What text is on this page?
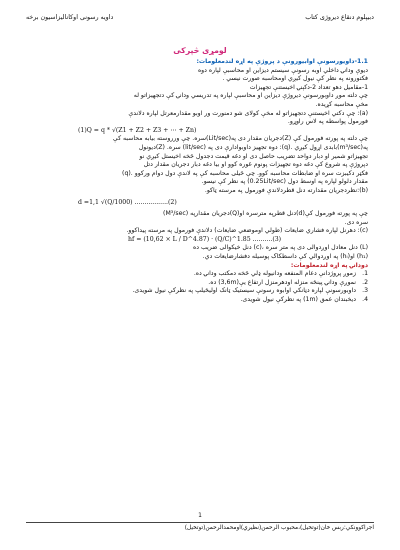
دبیپلوم دنقاع دیروژی کتاب
داویه رسونی اوکانالیزاسیون برخه
لومړی څپرکی

1.1-داویورسونې اوابیورونې د پروژې په اړه لندمعلومات:

دیوې ودانۍ داخلي اوبه رسونې سیستم دیزاین او محاسبې لپاره دوه

فکتورونه په نظر کې نیول کیږي اومحاسبه صورت نیسي .

1-مقامیل دهو تعداد 2-دکېنۍ اخیستنې تجهیزات

چې دلته موږ داوبورسونې دیروژې دیزاین او محاسبې لپاره په تدریسي ودانۍ کې دتجهیزاتو له

مخې محاسبه کړیده.

(a): چې دکتي اخیستنې دتجهیزاتو له مخې کولای شو دمنورت ور اوبو مقدارمعرتل لپاره دلاندې

فورمول پواسطه په لاس راوړو.

(1)Q = q * √(Z1 + Z2 + Z3 + ⋯ + Zn)

چې دلته په پورته فورمول کې (Z)دجریان مقدار دی په(Lit/sec)سره. چې ورروسته بیابه محاسبه کې

په(m³/sec)بابدی اړول کیږي .(q): دوه تجهیز داوبوادارې دی په (lit/sec) سره. (Z)دیونول

تجهیزاتو شمیر او دبار دواحد تضریب حاصل دی او دغه قیمت دجدول څخه اخیستل کیږي نو

دپروژې په شروع کې دغه دوه تجهیزات پونوم غوره کوو او بیا دغه دبار دجریان مقدار دتل

فکټر دکیبزت سره او ضابطات محاسبه کوو. چې څیلی محاسبه کې په لاندې دول دوام ورکوو .(q)

مقدار دلولو لپاره په اوسط دول (0.25Lit/sec) په نظر کې نیسو.

(b):نظردجریان مقدارته دنل قطردلاندې فورمول په مرسته ټاکو.

d =1,1 √(Q/1000) .................(2)

چې په پورته فورمول کې(d)دنل قطرپه مترسره او(Q)دجریان مقدارپه (M³/sec)

سره دی.

(c): دهرنل لپاره فشاري ضایعات (طولي اوموضعي ضایعات) دلاندې فورمول په مرسته پیداکوو.

hf = (10,62 × L / D^4.87) · (Q/C)^1.85 ..........(3)

(L) دنل معادل اوږدوالی دی په متر سره ،(c) دنل خیکوالی ضریب ده

(h₁) او(hᵢ) په اوږدوالي کې داسطکاک پوسیله دفشارضایعات دي.

دودانۍ په اړه لندمعلومات:

1.
زموږ پروژدانې دعام المنفعه ودانیوله ډلي څخه دمکتب ودانۍ ده.
2.
نموږې ودانۍ پینځه منزله اودهرمنزل ارتفاع یې(3,6m) ده.
3.
داوبورسونې لپاره دڼانکي اوابوه رسونې سیستیک ټانک اوليځیلپ په نظرکې نیول شویدی.
4.
دیخبندان عمق (1m) په نظرکې نیول شویدی.
1
اجراکوونکي:ربس خان(توتخیل)،محبوب الرحمن(نظیري)اومحمدالرحمن(توتخیل)
